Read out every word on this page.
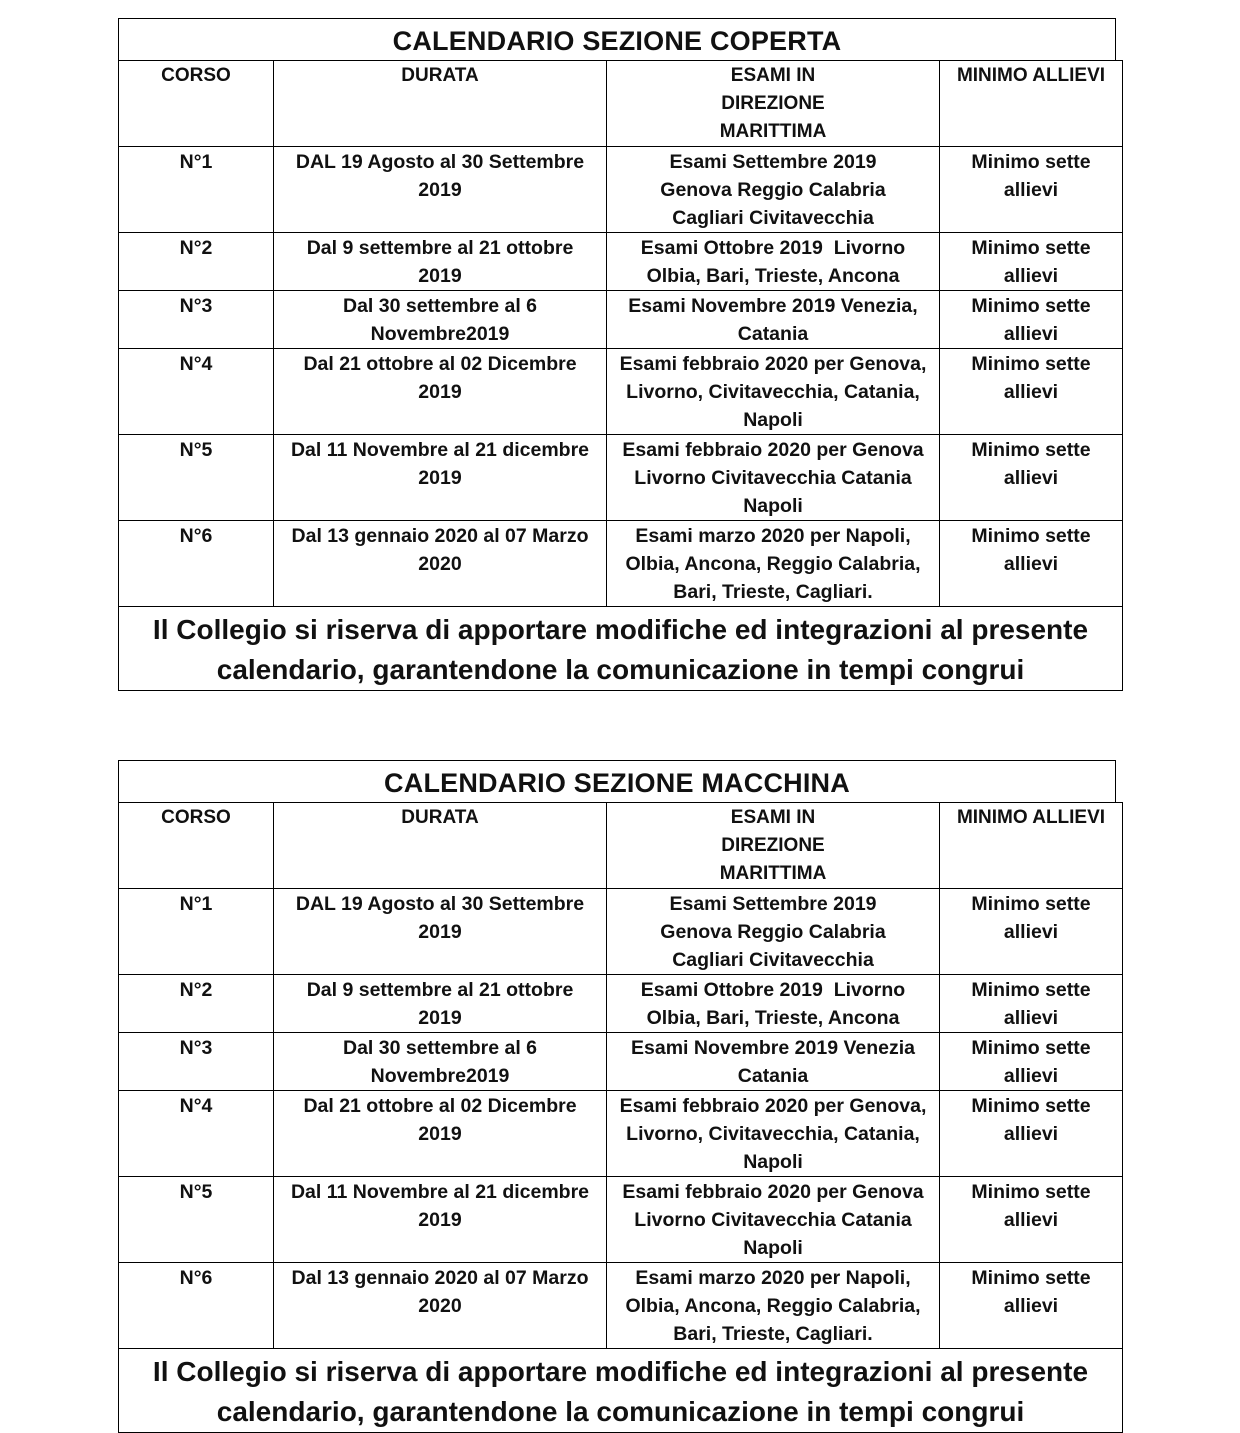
CALENDARIO SEZIONE COPERTA
CORSO	DURATA	ESAMI IN DIREZIONE MARITTIMA	MINIMO ALLIEVI
N°1	DAL 19 Agosto al 30 Settembre 2019	Esami Settembre 2019 Genova Reggio Calabria   Cagliari Civitavecchia	Minimo sette allievi
N°2	Dal 9 settembre al 21 ottobre 2019	Esami Ottobre 2019  Livorno Olbia, Bari, Trieste, Ancona	Minimo sette allievi
N°3	Dal 30 settembre al 6 Novembre2019	Esami Novembre 2019 Venezia, Catania	Minimo sette allievi
N°4	Dal 21 ottobre al 02 Dicembre 2019	Esami febbraio 2020 per Genova, Livorno, Civitavecchia, Catania, Napoli	Minimo sette allievi
N°5	Dal 11 Novembre al 21 dicembre 2019	Esami febbraio 2020 per Genova Livorno Civitavecchia Catania Napoli	Minimo sette allievi
N°6	Dal 13 gennaio 2020 al 07 Marzo 2020	Esami marzo 2020 per Napoli, Olbia, Ancona, Reggio Calabria, Bari, Trieste, Cagliari.	Minimo sette allievi
Il Collegio si riserva di apportare modifiche ed integrazioni al presente calendario, garantendone la comunicazione in tempi congrui			
CALENDARIO SEZIONE MACCHINA
CORSO	DURATA	ESAMI IN DIREZIONE MARITTIMA	MINIMO ALLIEVI
N°1	DAL 19 Agosto al 30 Settembre 2019	Esami Settembre 2019 Genova Reggio Calabria   Cagliari Civitavecchia	Minimo sette allievi
N°2	Dal 9 settembre al 21 ottobre 2019	Esami Ottobre 2019  Livorno Olbia, Bari, Trieste, Ancona	Minimo sette allievi
N°3	Dal 30 settembre al 6 Novembre2019	Esami Novembre 2019 Venezia Catania	Minimo sette allievi
N°4	Dal 21 ottobre al 02 Dicembre 2019	Esami febbraio 2020 per Genova, Livorno, Civitavecchia, Catania, Napoli	Minimo sette allievi
N°5	Dal 11 Novembre al 21 dicembre 2019	Esami febbraio 2020 per Genova Livorno Civitavecchia Catania Napoli	Minimo sette allievi
N°6	Dal 13 gennaio 2020 al 07 Marzo 2020	Esami marzo 2020 per Napoli, Olbia, Ancona, Reggio Calabria, Bari, Trieste, Cagliari.	Minimo sette allievi
Il Collegio si riserva di apportare modifiche ed integrazioni al presente calendario, garantendone la comunicazione in tempi congrui			
